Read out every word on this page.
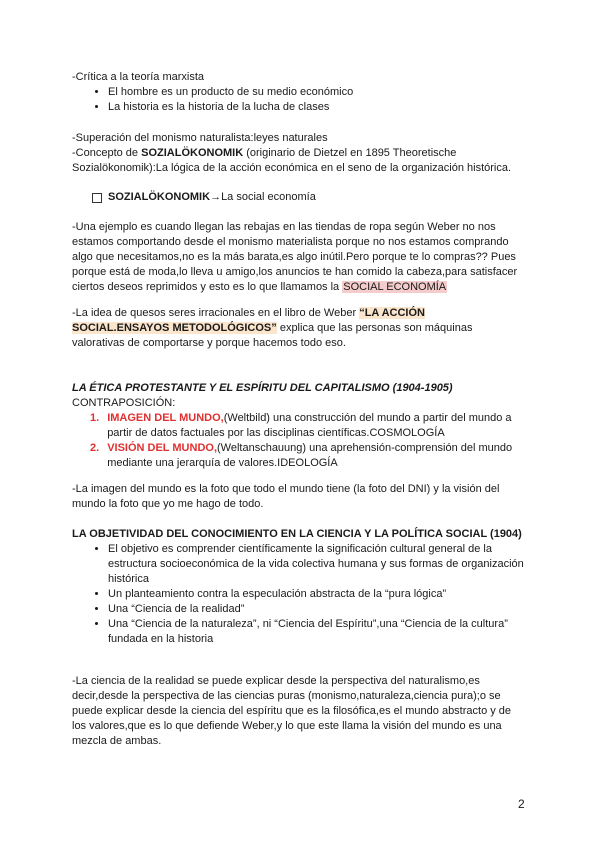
-Crítica a la teoría marxista

• El hombre es un producto de su medio económico
• La historia es la historia de la lucha de clases

-Superación del monismo naturalista:leyes naturales

-Concepto de SOZIALÖKONOMIK (originario de Dietzel en 1895 Theoretische Sozialökonomik):La lógica de la acción económica en el seno de la organización histórica.

SOZIALÖKONOMIK→La social economía

-Una ejemplo es cuando llegan las rebajas en las tiendas de ropa según Weber no nos estamos comportando desde el monismo materialista porque no nos estamos comprando algo que necesitamos,no es la más barata,es algo inútil.Pero porque te lo compras?? Pues porque está de moda,lo lleva u amigo,los anuncios te han comido la cabeza,para satisfacer ciertos deseos reprimidos y esto es lo que llamamos la SOCIAL ECONOMÍA

-La idea de quesos seres irracionales en el libro de Weber “LA ACCIÓN SOCIAL.ENSAYOS METODOLÓGICOS” explica que las personas son máquinas valorativas de comportarse y porque hacemos todo eso.

LA ÉTICA PROTESTANTE Y EL ESPÍRITU DEL CAPITALISMO (1904-1905)

CONTRAPOSICIÓN:

1. IMAGEN DEL MUNDO,(Weltbild) una construcción del mundo a partir del mundo a partir de datos factuales por las disciplinas científicas.COSMOLOGÍA
2. VISIÓN DEL MUNDO,(Weltanschauung) una aprehensión-comprensión del mundo mediante una jerarquía de valores.IDEOLOGÍA

-La imagen del mundo es la foto que todo el mundo tiene (la foto del DNI) y la visión del mundo la foto que yo me hago de todo.

LA OBJETIVIDAD DEL CONOCIMIENTO EN LA CIENCIA Y LA POLÍTICA SOCIAL (1904)

• El objetivo es comprender científicamente la significación cultural general de la estructura socioeconómica de la vida colectiva humana y sus formas de organización histórica
• Un planteamiento contra la especulación abstracta de la “pura lógica”
• Una “Ciencia de la realidad”
• Una “Ciencia de la naturaleza”, ni “Ciencia del Espíritu”,una “Ciencia de la cultura” fundada en la historia

-La ciencia de la realidad se puede explicar desde la perspectiva del naturalismo,es decir,desde la perspectiva de las ciencias puras (monismo,naturaleza,ciencia pura);o se puede explicar desde la ciencia del espíritu que es la filosófica,es el mundo abstracto y de los valores,que es lo que defiende Weber,y lo que este llama la visión del mundo es una mezcla de ambas.

2
